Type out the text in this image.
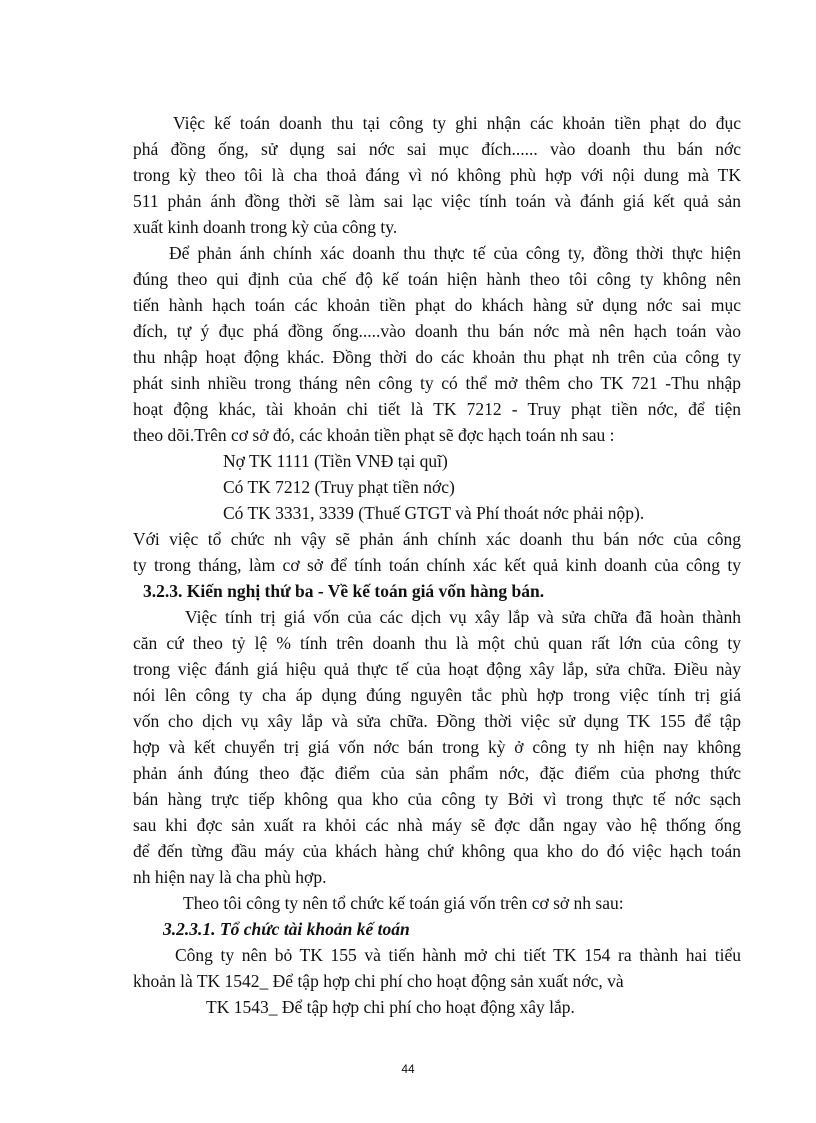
Việc kế toán doanh thu tại công ty ghi nhận các khoản tiền phạt do đục
phá đồng ống, sử dụng sai nớc sai mục đích...... vào doanh thu bán nớc
trong kỳ theo tôi là cha thoả đáng vì nó không phù hợp với nội dung mà TK
511 phản ánh đồng thời sẽ làm sai lạc việc tính toán và đánh giá kết quả sản
xuất kinh doanh trong kỳ của công ty.
Để phản ánh chính xác doanh thu thực tế của công ty, đồng thời thực hiện
đúng theo qui định của chế độ kế toán hiện hành theo tôi công ty không nên
tiến hành hạch toán các khoản tiền phạt do khách hàng sử dụng nớc sai mục
đích, tự ý đục phá đồng ống.....vào doanh thu bán nớc mà nên hạch toán vào
thu nhập hoạt động khác. Đồng thời do các khoản thu phạt nh trên của công ty
phát sinh nhiều trong tháng nên công ty có thể mở thêm cho TK 721 -Thu nhập
hoạt động khác, tài khoản chi tiết là TK 7212 - Truy phạt tiền nớc, để tiện
theo dõi.Trên cơ sở đó, các khoản tiền phạt sẽ đợc hạch toán nh sau :
Nợ TK 1111 (Tiền VNĐ tại quĩ)
Có TK 7212 (Truy phạt tiền nớc)
Có TK 3331, 3339 (Thuế GTGT và Phí thoát nớc phải nộp).
Với việc tổ chức nh vậy sẽ phản ánh chính xác doanh thu bán nớc của công
ty trong tháng, làm cơ sở để tính toán chính xác kết quả kinh doanh của công ty
3.2.3. Kiến nghị thứ ba - Về kế toán giá vốn hàng bán.
Việc tính trị giá vốn của các dịch vụ xây lắp và sửa chữa đã hoàn thành
căn cứ theo tỷ lệ % tính trên doanh thu là một chủ quan rất lớn của công ty
trong việc đánh giá hiệu quả thực tế của hoạt động xây lắp, sửa chữa. Điều này
nói lên công ty cha áp dụng đúng nguyên tắc phù hợp trong việc tính trị giá
vốn cho dịch vụ xây lắp và sửa chữa. Đồng thời việc sử dụng TK 155 để tập
hợp và kết chuyển trị giá vốn nớc bán trong kỳ ở công ty nh hiện nay không
phản ánh đúng theo đặc điểm của sản phẩm nớc, đặc điểm của phơng thức
bán hàng trực tiếp không qua kho của công ty Bởi vì trong thực tế nớc sạch
sau khi đợc sản xuất ra khỏi các nhà máy sẽ đợc dẫn ngay vào hệ thống ống
để đến từng đầu máy của khách hàng chứ không qua kho do đó việc hạch toán
nh hiện nay là cha phù hợp.
Theo tôi công ty nên tổ chức kế toán giá vốn trên cơ sở nh sau:
3.2.3.1. Tổ chức tài khoản kế toán
Công ty nên bỏ TK 155 và tiến hành mở chi tiết TK 154 ra thành hai tiểu
khoản là TK 1542_ Để tập hợp chi phí cho hoạt động sản xuất nớc, và
TK 1543_ Để tập hợp chi phí cho hoạt động xây lắp.
44
